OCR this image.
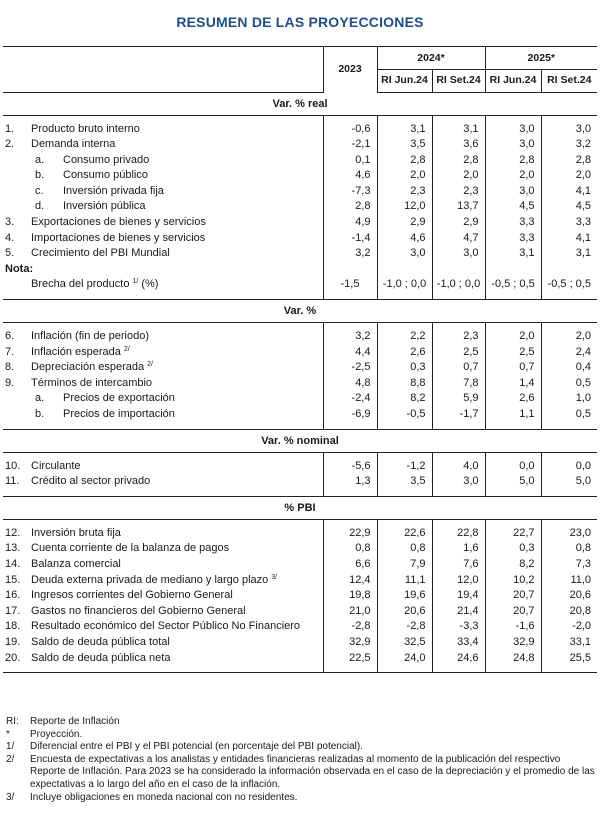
RESUMEN DE LAS PROYECCIONES
		2023	2024*		2025*	
			RI Jun.24	RI Set.24	RI Jun.24	RI Set.24
Var. % real						

1.	Producto bruto interno	-0,6	3,1	3,1	3,0	3,0
2.	Demanda interna	-2,1	3,5	3,6	3,0	3,2
	a. Consumo privado	0,1	2,8	2,8	2,8	2,8
	b. Consumo público	4,6	2,0	2,0	2,0	2,0
	c. Inversión privada fija	-7,3	2,3	2,3	3,0	4,1
	d. Inversión pública	2,8	12,0	13,7	4,5	4,5
3.	Exportaciones de bienes y servicios	4,9	2,9	2,9	3,3	3,3
4.	Importaciones de bienes y servicios	-1,4	4,6	4,7	3,3	4,1
5.	Crecimiento del PBI Mundial	3,2	3,0	3,0	3,1	3,1
Nota:						
	Brecha del producto $^{1/}$ (%)	-1,5	-1,0 ; 0,0	-1,0 ; 0,0	-0,5 ; 0,5	-0,5 ; 0,5

Var. %						

6.	Inflación (fin de periodo)	3,2	2,2	2,3	2,0	2,0
7.	Inflación esperada $^{2/}$	4,4	2,6	2,5	2,5	2,4
8.	Depreciación esperada $^{2/}$	-2,5	0,3	0,7	0,7	0,4
9.	Términos de intercambio	4,8	8,8	7,8	1,4	0,5
	a. Precios de exportación	-2,4	8,2	5,9	2,6	1,0
	b. Precios de importación	-6,9	-0,5	-1,7	1,1	0,5

Var. % nominal						

10.	Circulante	-5,6	-1,2	4,0	0,0	0,0
11.	Crédito al sector privado	1,3	3,5	3,0	5,0	5,0

% PBI						

12.	Inversión bruta fija	22,9	22,6	22,8	22,7	23,0
13.	Cuenta corriente de la balanza de pagos	0,8	0,8	1,6	0,3	0,8
14.	Balanza comercial	6,6	7,9	7,6	8,2	7,3
15.	Deuda externa privada de mediano y largo plazo $^{3/}$	12,4	11,1	12,0	10,2	11,0
16.	Ingresos corrientes del Gobierno General	19,8	19,6	19,4	20,7	20,6
17.	Gastos no financieros del Gobierno General	21,0	20,6	21,4	20,7	20,8
18.	Resultado económico del Sector Público No Financiero	-2,8	-2,8	-3,3	-1,6	-2,0
19.	Saldo de deuda pública total	32,9	32,5	33,4	32,9	33,1
20.	Saldo de deuda pública neta	22,5	24,0	24,6	24,8	25,5

RI:	Reporte de Inflación
*	Proyección.
1/	Diferencial entre el PBI y el PBI potencial (en porcentaje del PBI potencial).
2/	Encuesta de expectativas a los analistas y entidades financieras realizadas al momento de la publicación del respectivo Reporte de Inflación. Para 2023 se ha considerado la información observada en el caso de la depreciación y el promedio de las expectativas a lo largo del año en el caso de la inflación.
3/	Incluye obligaciones en moneda nacional con no residentes.
